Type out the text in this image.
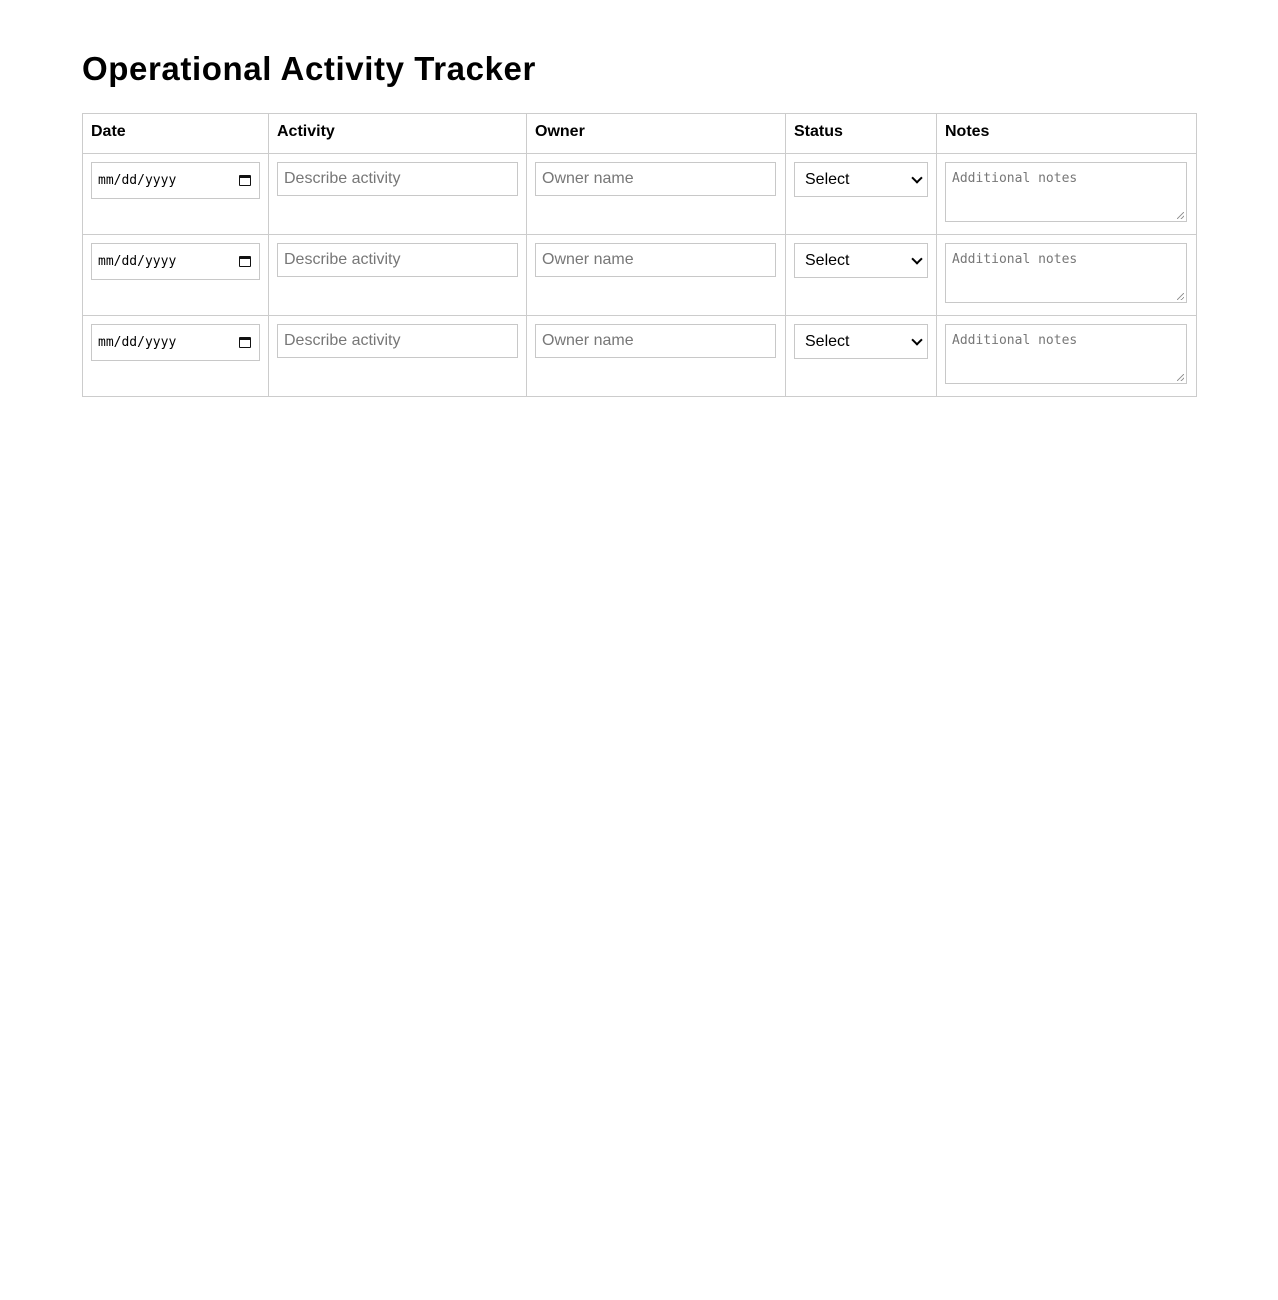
Operational Activity Tracker
Date	Activity	Owner	Status	Notes

mm/dd/yyyy	Describe activity	Owner name	Select	Additional notes

mm/dd/yyyy	Describe activity	Owner name	Select	Additional notes

mm/dd/yyyy	Describe activity	Owner name	Select	Additional notes
